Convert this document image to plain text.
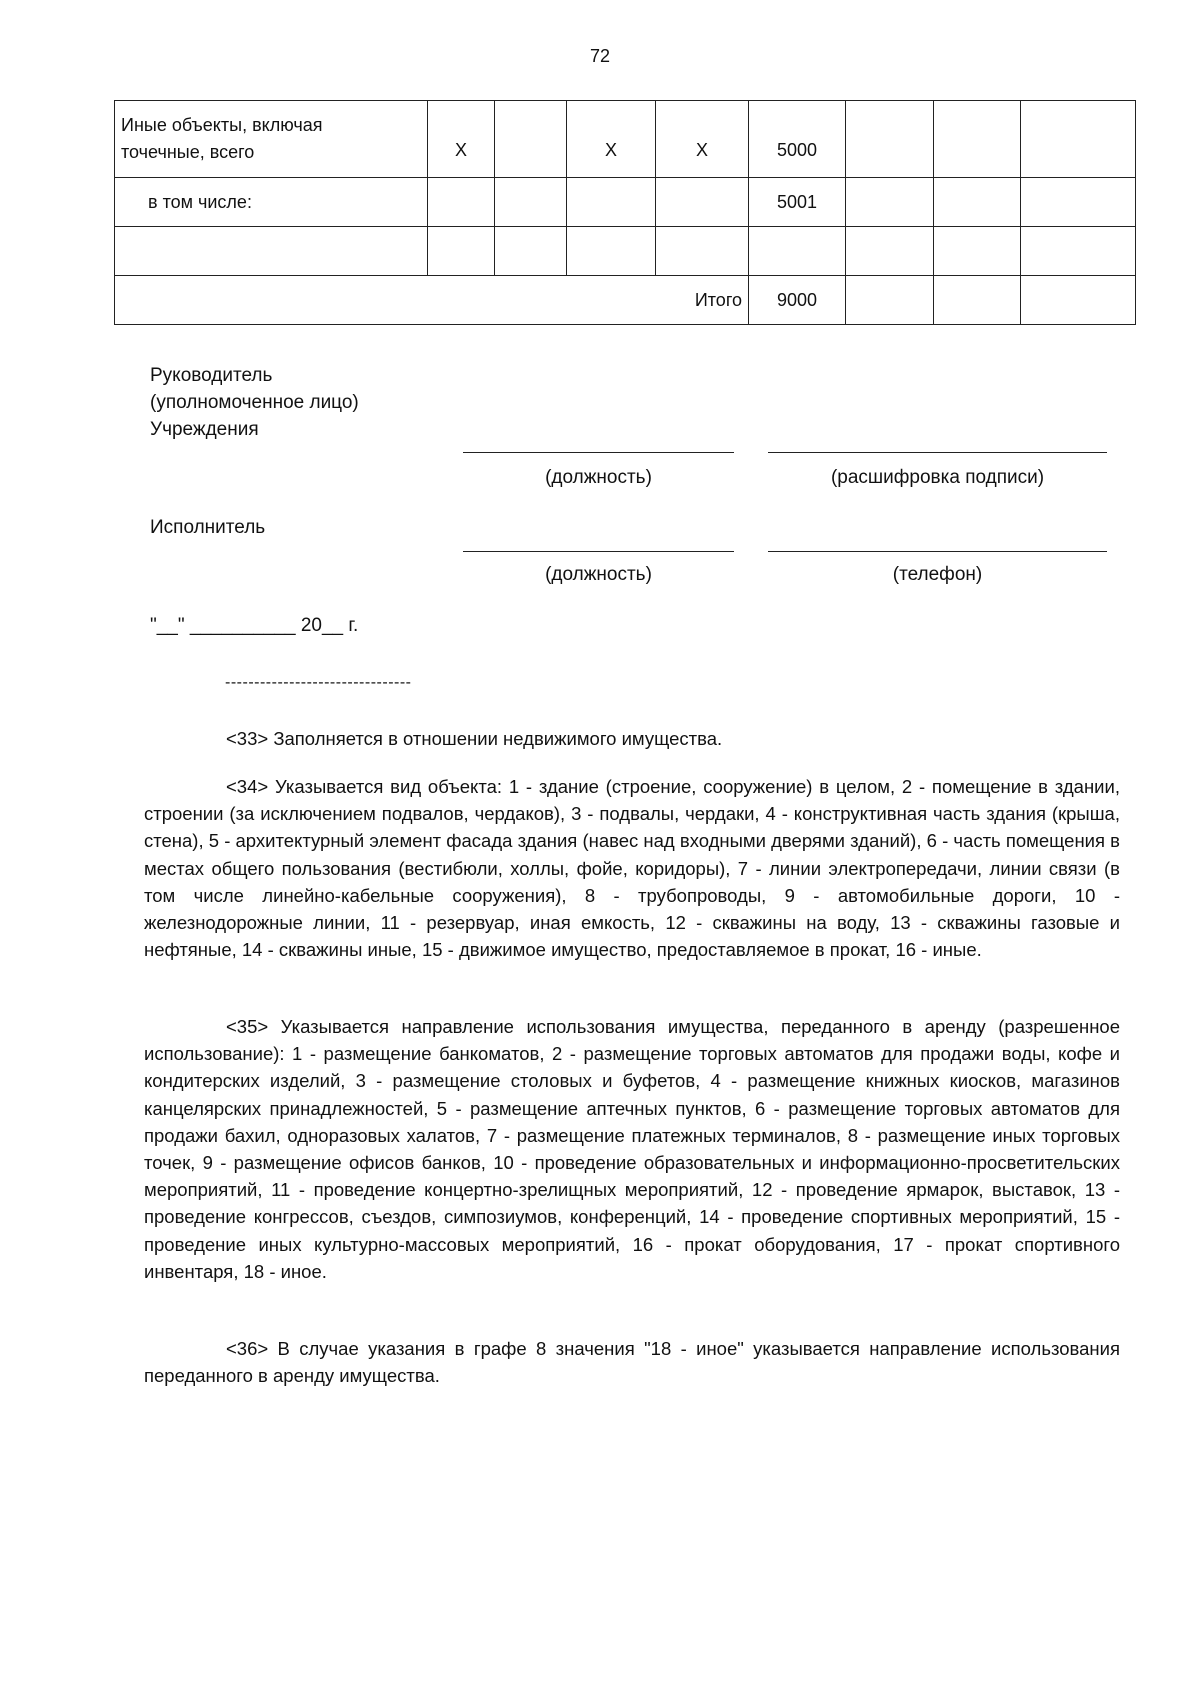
72
Иные объекты, включая
точечные, всего	X		X	X	5000			
в том числе:					5001			

Итого					9000			
Руководитель
(уполномоченное лицо)
Учреждения
(должность)	(расшифровка подписи)
Исполнитель
(должность)	(телефон)
"__" __________ 20__ г.
--------------------------------

<33> Заполняется в отношении недвижимого имущества.

<34> Указывается вид объекта: 1 - здание (строение, сооружение) в целом, 2 - помещение в здании, строении (за исключением подвалов, чердаков), 3 - подвалы, чердаки, 4 - конструктивная часть здания (крыша, стена), 5 - архитектурный элемент фасада здания (навес над входными дверями зданий), 6 - часть помещения в местах общего пользования (вестибюли, холлы, фойе, коридоры), 7 - линии электропередачи, линии связи (в том числе линейно-кабельные сооружения), 8 - трубопроводы, 9 - автомобильные дороги, 10 - железнодорожные линии, 11 - резервуар, иная емкость, 12 - скважины на воду, 13 - скважины газовые и нефтяные, 14 - скважины иные, 15 - движимое имущество, предоставляемое в прокат, 16 - иные.

<35> Указывается направление использования имущества, переданного в аренду (разрешенное использование): 1 - размещение банкоматов, 2 - размещение торговых автоматов для продажи воды, кофе и кондитерских изделий, 3 - размещение столовых и буфетов, 4 - размещение книжных киосков, магазинов канцелярских принадлежностей, 5 - размещение аптечных пунктов, 6 - размещение торговых автоматов для продажи бахил, одноразовых халатов, 7 - размещение платежных терминалов, 8 - размещение иных торговых точек, 9 - размещение офисов банков, 10 - проведение образовательных и информационно-просветительских мероприятий, 11 - проведение концертно-зрелищных мероприятий, 12 - проведение ярмарок, выставок, 13 - проведение конгрессов, съездов, симпозиумов, конференций, 14 - проведение спортивных мероприятий, 15 - проведение иных культурно-массовых мероприятий, 16 - прокат оборудования, 17 - прокат спортивного инвентаря, 18 - иное.

<36> В случае указания в графе 8 значения "18 - иное" указывается направление использования переданного в аренду имущества.
